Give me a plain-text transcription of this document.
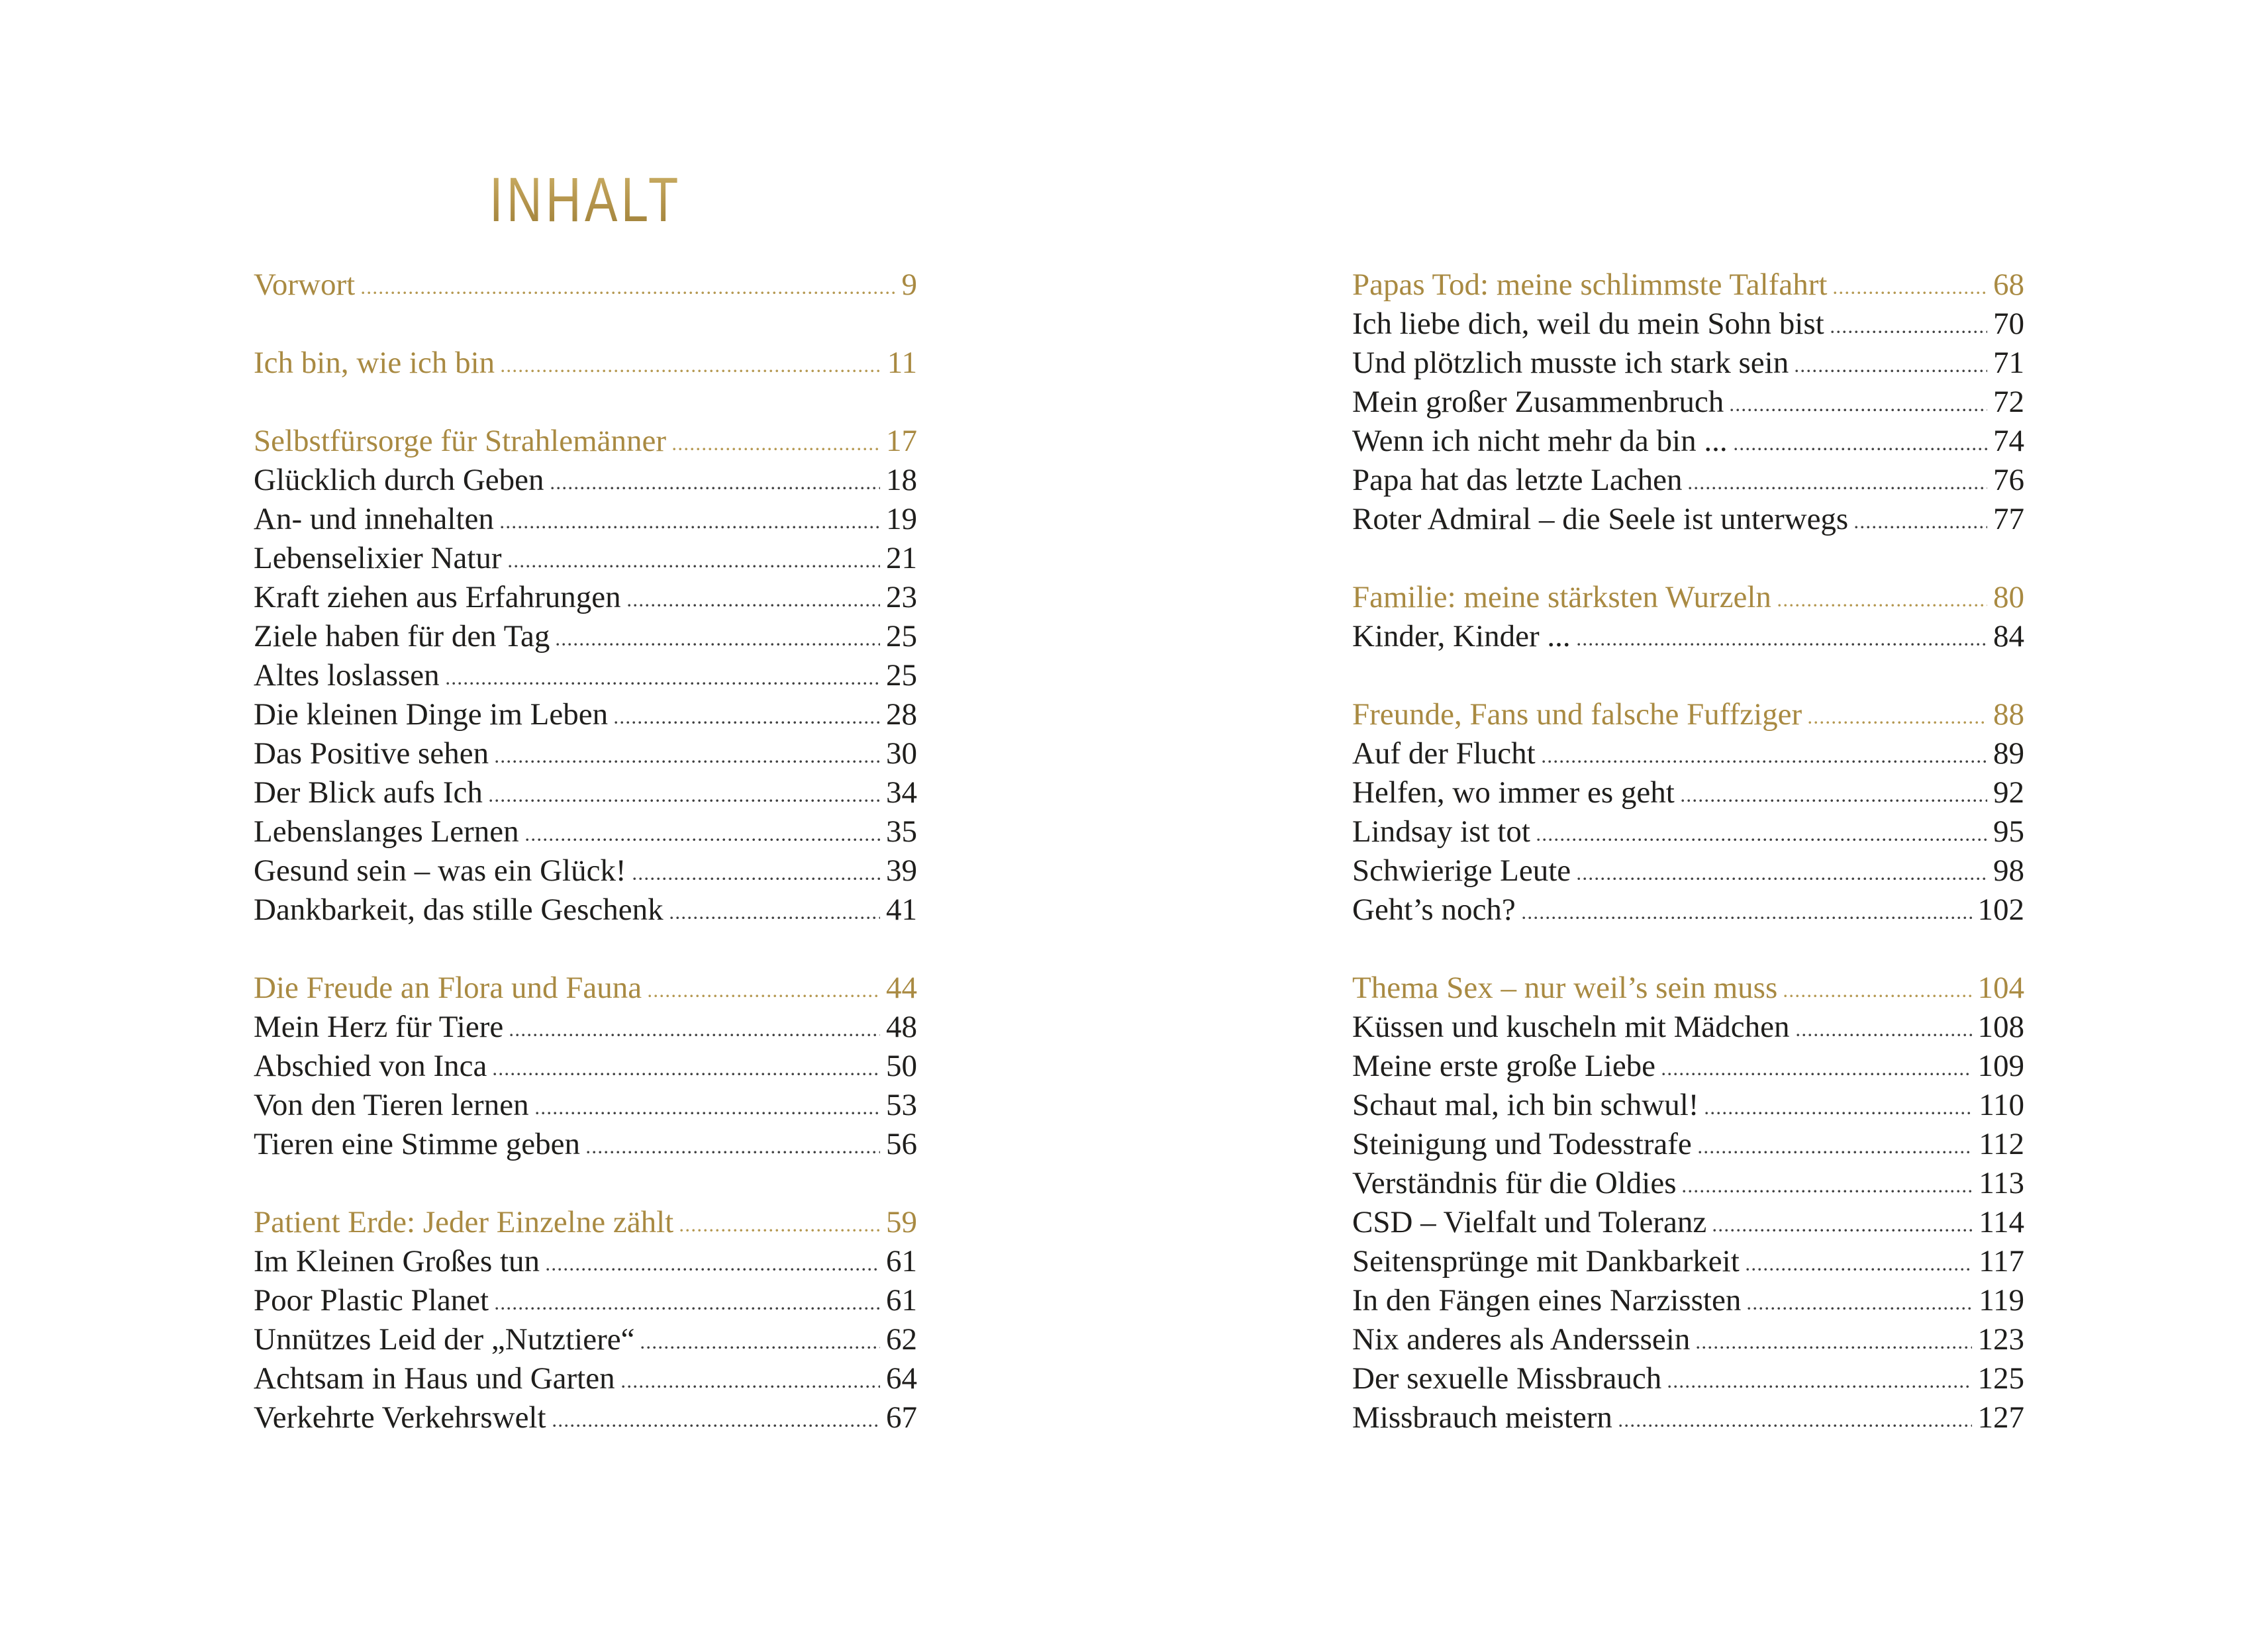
INHALT
Vorwort	9
Ich bin, wie ich bin	11
Selbstfürsorge für Strahlemänner	17
Glücklich durch Geben	18
An- und innehalten	19
Lebenselixier Natur	21
Kraft ziehen aus Erfahrungen	23
Ziele haben für den Tag	25
Altes loslassen	25
Die kleinen Dinge im Leben	28
Das Positive sehen	30
Der Blick aufs Ich	34
Lebenslanges Lernen	35
Gesund sein – was ein Glück!	39
Dankbarkeit, das stille Geschenk	41
Die Freude an Flora und Fauna	44
Mein Herz für Tiere	48
Abschied von Inca	50
Von den Tieren lernen	53
Tieren eine Stimme geben	56
Patient Erde: Jeder Einzelne zählt	59
Im Kleinen Großes tun	61
Poor Plastic Planet	61
Unnützes Leid der „Nutztiere“	62
Achtsam in Haus und Garten	64
Verkehrte Verkehrswelt	67
Papas Tod: meine schlimmste Talfahrt	68
Ich liebe dich, weil du mein Sohn bist	70
Und plötzlich musste ich stark sein	71
Mein großer Zusammenbruch	72
Wenn ich nicht mehr da bin ...	74
Papa hat das letzte Lachen	76
Roter Admiral – die Seele ist unterwegs	77
Familie: meine stärksten Wurzeln	80
Kinder, Kinder ...	84
Freunde, Fans und falsche Fuffziger	88
Auf der Flucht	89
Helfen, wo immer es geht	92
Lindsay ist tot	95
Schwierige Leute	98
Geht’s noch?	102
Thema Sex – nur weil’s sein muss	104
Küssen und kuscheln mit Mädchen	108
Meine erste große Liebe	109
Schaut mal, ich bin schwul!	110
Steinigung und Todesstrafe	112
Verständnis für die Oldies	113
CSD – Vielfalt und Toleranz	114
Seitensprünge mit Dankbarkeit	117
In den Fängen eines Narzissten	119
Nix anderes als Anderssein	123
Der sexuelle Missbrauch	125
Missbrauch meistern	127
